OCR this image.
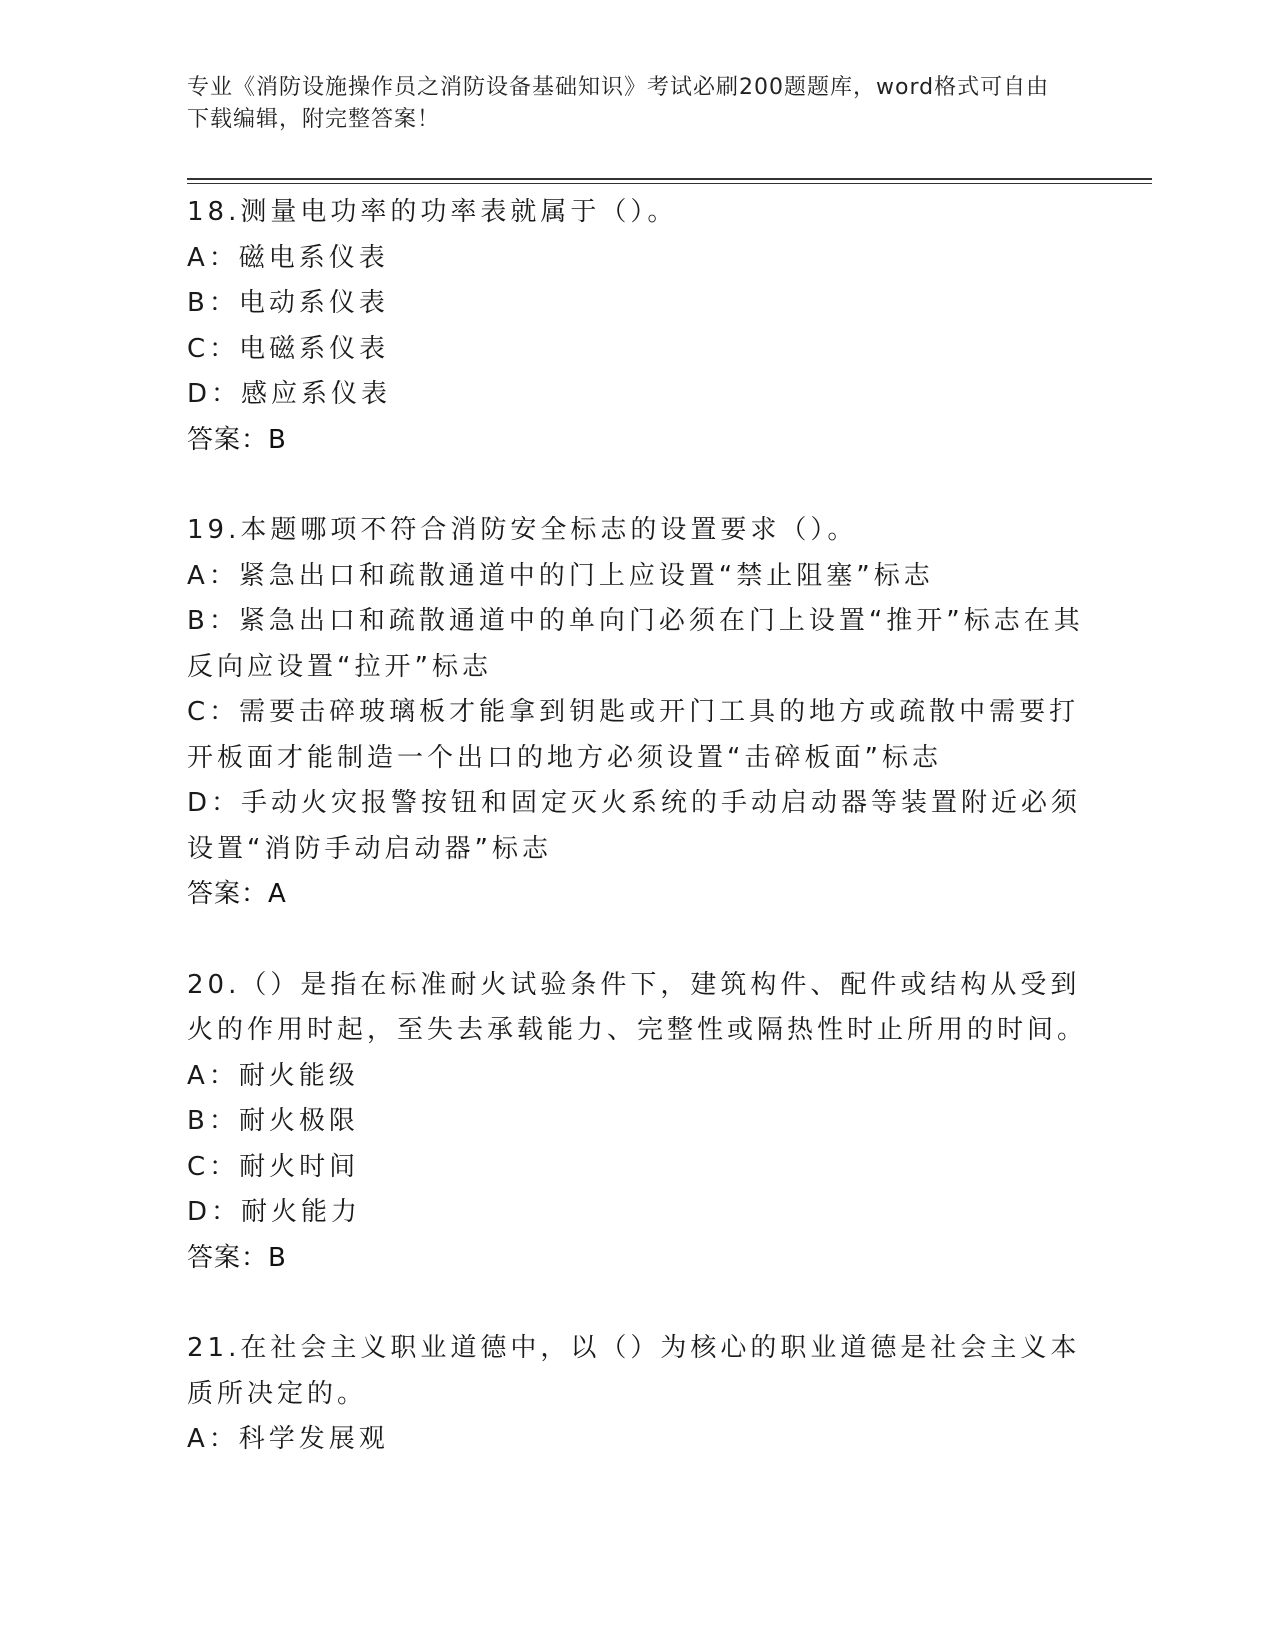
专业《消防设施操作员之消防设备基础知识》考试必刷200题题库，word格式可自由下载编辑，附完整答案！
18.测量电功率的功率表就属于（）。
A：磁电系仪表
B：电动系仪表
C：电磁系仪表
D：感应系仪表
答案：B
19.本题哪项不符合消防安全标志的设置要求（）。
A：紧急出口和疏散通道中的门上应设置“禁止阻塞”标志
B：紧急出口和疏散通道中的单向门必须在门上设置“推开”标志在其反向应设置“拉开”标志
C：需要击碎玻璃板才能拿到钥匙或开门工具的地方或疏散中需要打开板面才能制造一个出口的地方必须设置“击碎板面”标志
D：手动火灾报警按钮和固定灭火系统的手动启动器等装置附近必须设置“消防手动启动器”标志
答案：A
20.（）是指在标准耐火试验条件下，建筑构件、配件或结构从受到火的作用时起，至失去承载能力、完整性或隔热性时止所用的时间。
A：耐火能级
B：耐火极限
C：耐火时间
D：耐火能力
答案：B
21.在社会主义职业道德中，以（）为核心的职业道德是社会主义本质所决定的。
A：科学发展观
